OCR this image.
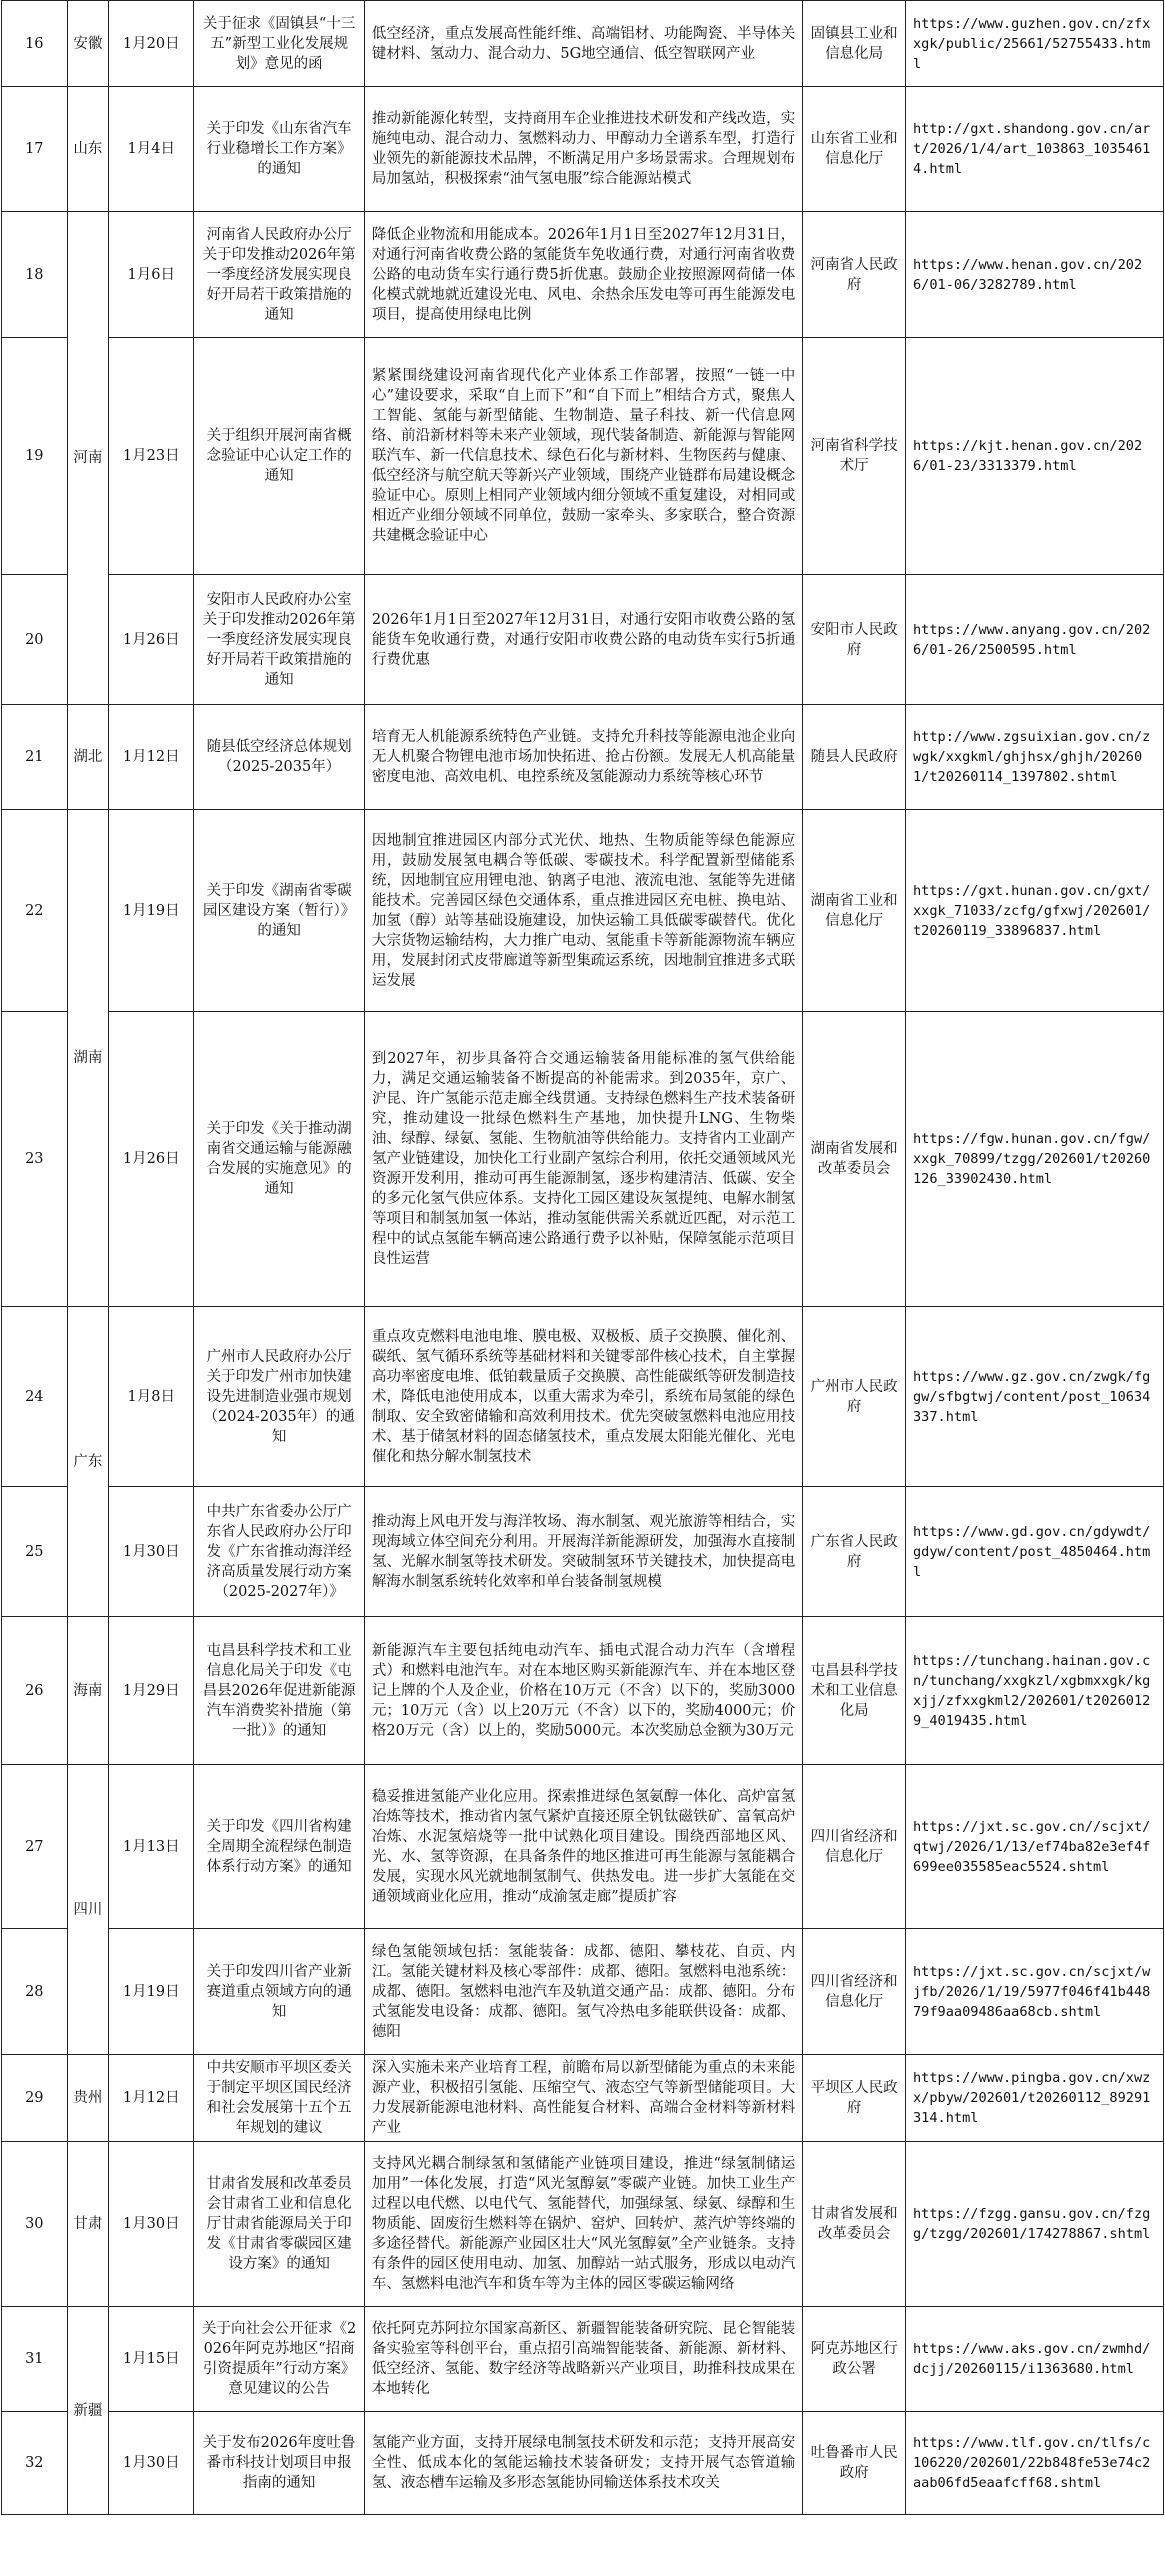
16	安徽	1月20日	关于征求《固镇县“十三五”新型工业化发展规划》意见的函	低空经济，重点发展高性能纤维、高端铝材、功能陶瓷、半导体关键材料、氢动力、混合动力、5G地空通信、低空智联网产业	固镇县工业和信息化局	https://www.guzhen.gov.cn/zfxxgk/public/25661/52755433.html
17	山东	1月4日	关于印发《山东省汽车行业稳增长工作方案》的通知	推动新能源化转型，支持商用车企业推进技术研发和产线改造，实施纯电动、混合动力、氢燃料动力、甲醇动力全谱系车型，打造行业领先的新能源技术品牌，不断满足用户多场景需求。合理规划布局加氢站，积极探索“油气氢电服”综合能源站模式	山东省工业和信息化厅	http://gxt.shandong.gov.cn/art/2026/1/4/art_103863_10354614.html
18	河南	1月6日	河南省人民政府办公厅关于印发推动2026年第一季度经济发展实现良好开局若干政策措施的通知	降低企业物流和用能成本。2026年1月1日至2027年12月31日，对通行河南省收费公路的氢能货车免收通行费，对通行河南省收费公路的电动货车实行通行费5折优惠。鼓励企业按照源网荷储一体化模式就地就近建设光电、风电、余热余压发电等可再生能源发电项目，提高使用绿电比例	河南省人民政府	https://www.henan.gov.cn/2026/01-06/3282789.html
19		1月23日	关于组织开展河南省概念验证中心认定工作的通知	紧紧围绕建设河南省现代化产业体系工作部署，按照“一链一中心”建设要求，采取“自上而下”和“自下而上”相结合方式，聚焦人工智能、氢能与新型储能、生物制造、量子科技、新一代信息网络、前沿新材料等未来产业领域，现代装备制造、新能源与智能网联汽车、新一代信息技术、绿色石化与新材料、生物医药与健康、低空经济与航空航天等新兴产业领域，围绕产业链群布局建设概念验证中心。原则上相同产业领域内细分领域不重复建设，对相同或相近产业细分领域不同单位，鼓励一家牵头、多家联合，整合资源共建概念验证中心	河南省科学技术厅	https://kjt.henan.gov.cn/2026/01-23/3313379.html
20		1月26日	安阳市人民政府办公室关于印发推动2026年第一季度经济发展实现良好开局若干政策措施的通知	2026年1月1日至2027年12月31日，对通行安阳市收费公路的氢能货车免收通行费，对通行安阳市收费公路的电动货车实行5折通行费优惠	安阳市人民政府	https://www.anyang.gov.cn/2026/01-26/2500595.html
21	湖北	1月12日	随县低空经济总体规划（2025-2035年）	培育无人机能源系统特色产业链。支持允升科技等能源电池企业向无人机聚合物锂电池市场加快拓进、抢占份额。发展无人机高能量密度电池、高效电机、电控系统及氢能源动力系统等核心环节	随县人民政府	http://www.zgsuixian.gov.cn/zwgk/xxgkml/ghjhsx/ghjh/202601/t20260114_1397802.shtml
22	湖南	1月19日	关于印发《湖南省零碳园区建设方案（暂行）》的通知	因地制宜推进园区内部分式光伏、地热、生物质能等绿色能源应用，鼓励发展氢电耦合等低碳、零碳技术。科学配置新型储能系统，因地制宜应用锂电池、钠离子电池、液流电池、氢能等先进储能技术。完善园区绿色交通体系，重点推进园区充电桩、换电站、加氢（醇）站等基础设施建设，加快运输工具低碳零碳替代。优化大宗货物运输结构，大力推广电动、氢能重卡等新能源物流车辆应用，发展封闭式皮带廊道等新型集疏运系统，因地制宜推进多式联运发展	湖南省工业和信息化厅	https://gxt.hunan.gov.cn/gxt/xxgk_71033/zcfg/gfxwj/202601/t20260119_33896837.html
23		1月26日	关于印发《关于推动湖南省交通运输与能源融合发展的实施意见》的通知	到2027年，初步具备符合交通运输装备用能标准的氢气供给能力，满足交通运输装备不断提高的补能需求。到2035年，京广、沪昆、许广氢能示范走廊全线贯通。支持绿色燃料生产技术装备研究，推动建设一批绿色燃料生产基地，加快提升LNG、生物柴油、绿醇、绿氨、氢能、生物航油等供给能力。支持省内工业副产氢产业链建设，加快化工行业副产氢综合利用，依托交通领域风光资源开发利用，推动可再生能源制氢，逐步构建清洁、低碳、安全的多元化氢气供应体系。支持化工园区建设灰氢提纯、电解水制氢等项目和制氢加氢一体站，推动氢能供需关系就近匹配，对示范工程中的试点氢能车辆高速公路通行费予以补贴，保障氢能示范项目良性运营	湖南省发展和改革委员会	https://fgw.hunan.gov.cn/fgw/xxgk_70899/tzgg/202601/t20260126_33902430.html
24	广东	1月8日	广州市人民政府办公厅关于印发广州市加快建设先进制造业强市规划（2024-2035年）的通知	重点攻克燃料电池电堆、膜电极、双极板、质子交换膜、催化剂、碳纸、氢气循环系统等基础材料和关键零部件核心技术，自主掌握高功率密度电堆、低铂载量质子交换膜、高性能碳纸等研发制造技术，降低电池使用成本，以重大需求为牵引，系统布局氢能的绿色制取、安全致密储输和高效利用技术。优先突破氢燃料电池应用技术、基于储氢材料的固态储氢技术，重点发展太阳能光催化、光电催化和热分解水制氢技术	广州市人民政府	https://www.gz.gov.cn/zwgk/fggw/sfbgtwj/content/post_10634337.html
25		1月30日	中共广东省委办公厅广东省人民政府办公厅印发《广东省推动海洋经济高质量发展行动方案（2025-2027年）》	推动海上风电开发与海洋牧场、海水制氢、观光旅游等相结合，实现海域立体空间充分利用。开展海洋新能源研发，加强海水直接制氢、光解水制氢等技术研发。突破制氢环节关键技术，加快提高电解海水制氢系统转化效率和单台装备制氢规模	广东省人民政府	https://www.gd.gov.cn/gdywdt/gdyw/content/post_4850464.html
26	海南	1月29日	屯昌县科学技术和工业信息化局关于印发《屯昌县2026年促进新能源汽车消费奖补措施（第一批）》的通知	新能源汽车主要包括纯电动汽车、插电式混合动力汽车（含增程式）和燃料电池汽车。对在本地区购买新能源汽车、并在本地区登记上牌的个人及企业，价格在10万元（不含）以下的，奖励3000元；10万元（含）以上20万元（不含）以下的，奖励4000元；价格20万元（含）以上的，奖励5000元。本次奖励总金额为30万元	屯昌县科学技术和工业信息化局	https://tunchang.hainan.gov.cn/tunchang/xxgkzl/xgbmxxgk/kgxjj/zfxxgkml2/202601/t20260129_4019435.html
27	四川	1月13日	关于印发《四川省构建全周期全流程绿色制造体系行动方案》的通知	稳妥推进氢能产业化应用。探索推进绿色氢氨醇一体化、高炉富氢冶炼等技术，推动省内氢气紧炉直接还原全钒钛磁铁矿、富氧高炉冶炼、水泥氢焙烧等一批中试熟化项目建设。围绕西部地区风、光、水、氢等资源，在具备条件的地区推进可再生能源与氢能耦合发展，实现水风光就地制氢制气、供热发电。进一步扩大氢能在交通领域商业化应用，推动“成渝氢走廊”提质扩容	四川省经济和信息化厅	https://jxt.sc.gov.cn//scjxt/qtwj/2026/1/13/ef74ba82e3ef4f699ee035585eac5524.shtml
28		1月19日	关于印发四川省产业新赛道重点领域方向的通知	绿色氢能领域包括：氢能装备：成都、德阳、攀枝花、自贡、内江。氢能关键材料及核心零部件：成都、德阳。氢燃料电池系统：成都、德阳。氢燃料电池汽车及轨道交通产品：成都、德阳。分布式氢能发电设备：成都、德阳。氢气冷热电多能联供设备：成都、德阳	四川省经济和信息化厅	https://jxt.sc.gov.cn/scjxt/wjfb/2026/1/19/5977f046f41b44879f9aa09486aa68cb.shtml
29	贵州	1月12日	中共安顺市平坝区委关于制定平坝区国民经济和社会发展第十五个五年规划的建议	深入实施未来产业培育工程，前瞻布局以新型储能为重点的未来能源产业，积极招引氢能、压缩空气、液态空气等新型储能项目。大力发展新能源电池材料、高性能复合材料、高端合金材料等新材料产业	平坝区人民政府	https://www.pingba.gov.cn/xwzx/pbyw/202601/t20260112_89291314.html
30	甘肃	1月30日	甘肃省发展和改革委员会甘肃省工业和信息化厅甘肃省能源局关于印发《甘肃省零碳园区建设方案》的通知	支持风光耦合制绿氢和氢储能产业链项目建设，推进“绿氢制储运加用”一体化发展，打造“风光氢醇氨”零碳产业链。加快工业生产过程以电代燃、以电代气、氢能替代，加强绿氢、绿氨、绿醇和生物质能、固废衍生燃料等在锅炉、窑炉、回转炉、蒸汽炉等终端的多途径替代。新能源产业园区壮大“风光氢醇氨”全产业链条。支持有条件的园区使用电动、加氢、加醇站一站式服务，形成以电动汽车、氢燃料电池汽车和货车等为主体的园区零碳运输网络	甘肃省发展和改革委员会	https://fzgg.gansu.gov.cn/fzgg/tzgg/202601/174278867.shtml
31	新疆	1月15日	关于向社会公开征求《2026年阿克苏地区“招商引资提质年”行动方案》意见建议的公告	依托阿克苏阿拉尔国家高新区、新疆智能装备研究院、昆仑智能装备实验室等科创平台，重点招引高端智能装备、新能源、新材料、低空经济、氢能、数字经济等战略新兴产业项目，助推科技成果在本地转化	阿克苏地区行政公署	https://www.aks.gov.cn/zwmhd/dcjj/20260115/i1363680.html
32		1月30日	关于发布2026年度吐鲁番市科技计划项目申报指南的通知	氢能产业方面，支持开展绿电制氢技术研发和示范；支持开展高安全性、低成本化的氢能运输技术装备研发；支持开展气态管道输氢、液态槽车运输及多形态氢能协同输送体系技术攻关	吐鲁番市人民政府	https://www.tlf.gov.cn/tlfs/c106220/202601/22b848fe53e74c2aab06fd5eaafcff68.shtml
